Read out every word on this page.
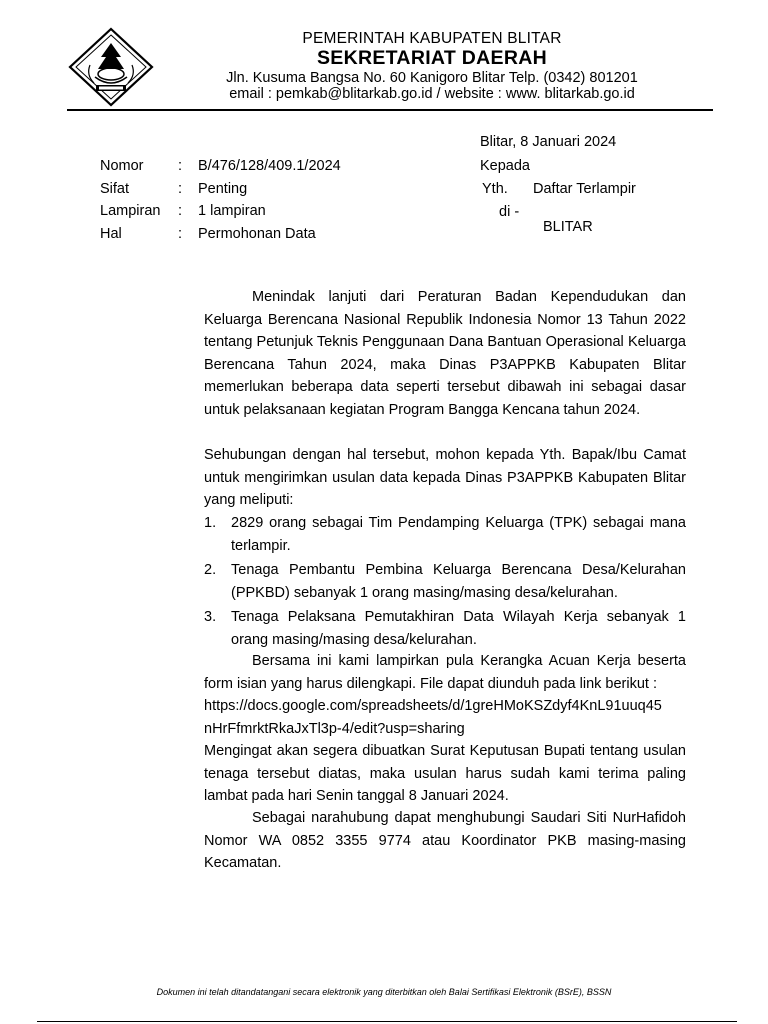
PEMERINTAH KABUPATEN BLITAR
SEKRETARIAT DAERAH
Jln. Kusuma Bangsa No. 60 Kanigoro Blitar Telp. (0342) 801201
email : pemkab@blitarkab.go.id / website : www. blitarkab.go.id
Nomor	:	B/476/128/409.1/2024
Sifat	:	Penting
Lampiran	:	1 lampiran
Hal	:	Permohonan Data
Blitar, 8 Januari 2024
Kepada
Yth. Daftar Terlampir
di -
BLITAR

Menindak lanjuti dari Peraturan Badan Kependudukan dan Keluarga Berencana Nasional Republik Indonesia Nomor 13 Tahun 2022 tentang Petunjuk Teknis Penggunaan Dana Bantuan Operasional Keluarga Berencana Tahun 2024, maka Dinas P3APPKB Kabupaten Blitar memerlukan beberapa data seperti tersebut dibawah ini sebagai dasar untuk pelaksanaan kegiatan Program Bangga Kencana tahun 2024.

Sehubungan dengan hal tersebut, mohon kepada Yth. Bapak/Ibu Camat untuk mengirimkan usulan data kepada Dinas P3APPKB Kabupaten Blitar yang meliputi:

1.	2829 orang sebagai Tim Pendamping Keluarga (TPK) sebagai mana terlampir.
2.	Tenaga Pembantu Pembina Keluarga Berencana Desa/Kelurahan (PPKBD) sebanyak 1 orang masing/masing desa/kelurahan.
3.	Tenaga Pelaksana Pemutakhiran Data Wilayah Kerja sebanyak 1 orang masing/masing desa/kelurahan.

Bersama ini kami lampirkan pula Kerangka Acuan Kerja beserta form isian yang harus dilengkapi. File dapat diunduh pada link berikut :

https://docs.google.com/spreadsheets/d/1greHMoKSZdyf4KnL91uuq45
nHrFfmrktRkaJxTl3p-4/edit?usp=sharing

Mengingat akan segera dibuatkan Surat Keputusan Bupati tentang usulan tenaga tersebut diatas, maka usulan harus sudah kami terima paling lambat pada hari Senin tanggal 8 Januari 2024.

Sebagai narahubung dapat menghubungi Saudari Siti NurHafidoh Nomor WA 0852 3355 9774 atau Koordinator PKB masing-masing Kecamatan.

Dokumen ini telah ditandatangani secara elektronik yang diterbitkan oleh Balai Sertifikasi Elektronik (BSrE), BSSN
